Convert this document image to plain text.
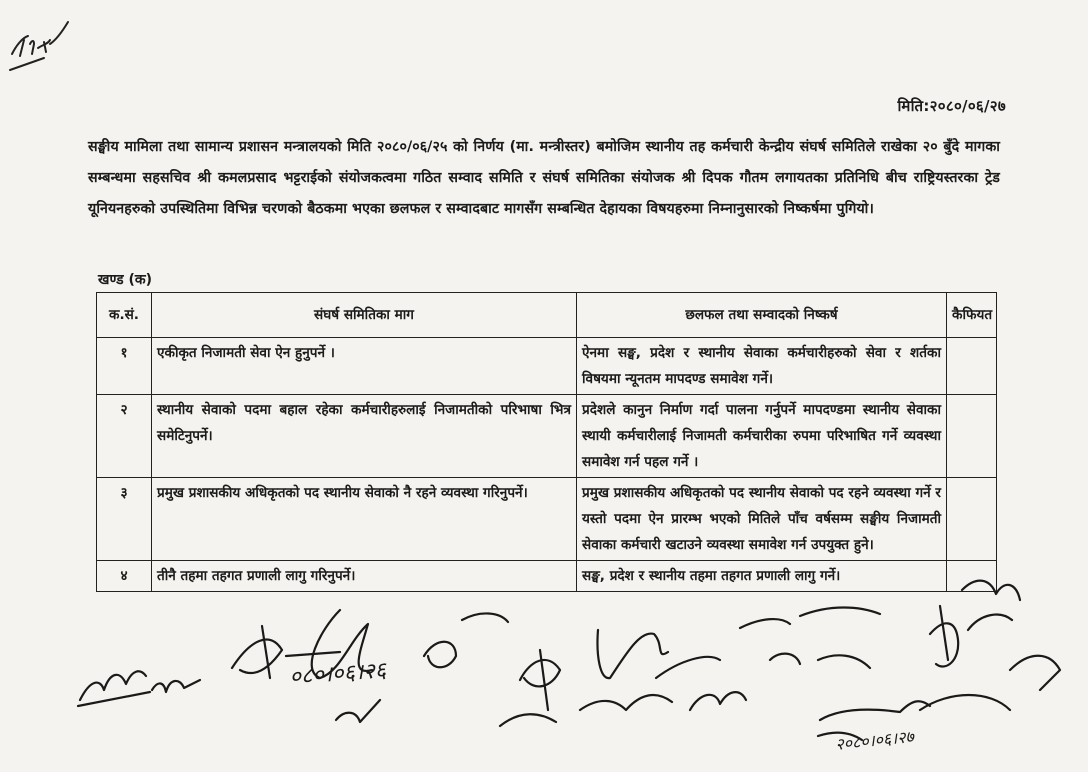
मिति:२०८०/०६/२७
सङ्घीय मामिला तथा सामान्य प्रशासन मन्त्रालयको मिति २०८०/०६/२५ को निर्णय (मा. मन्त्रीस्तर) बमोजिम स्थानीय तह कर्मचारी केन्द्रीय संघर्ष समितिले राखेका २० बुँदे मागका सम्बन्धमा सहसचिव श्री कमलप्रसाद भट्टराईको संयोजकत्वमा गठित सम्वाद समिति र संघर्ष समितिका संयोजक श्री दिपक गौतम लगायतका प्रतिनिधि बीच राष्ट्रियस्तरका ट्रेड यूनियनहरुको उपस्थितिमा विभिन्न चरणको बैठकमा भएका छलफल र सम्वादबाट मागसँग सम्बन्धित देहायका विषयहरुमा निम्नानुसारको निष्कर्षमा पुगियो।
खण्ड (क)
क.सं.	संघर्ष समितिका माग	छलफल तथा सम्वादको निष्कर्ष	कैफियत
१	एकीकृत निजामती सेवा ऐन हुनुपर्ने ।	ऐनमा सङ्घ, प्रदेश र स्थानीय सेवाका कर्मचारीहरुको सेवा र शर्तका विषयमा न्यूनतम मापदण्ड समावेश गर्ने।	
२	स्थानीय सेवाको पदमा बहाल रहेका कर्मचारीहरुलाई निजामतीको परिभाषा भित्र समेटिनुपर्ने।	प्रदेशले कानुन निर्माण गर्दा पालना गर्नुपर्ने मापदण्डमा स्थानीय सेवाका स्थायी कर्मचारीलाई निजामती कर्मचारीका रुपमा परिभाषित गर्ने व्यवस्था समावेश गर्न पहल गर्ने ।	
३	प्रमुख प्रशासकीय अधिकृतको पद स्थानीय सेवाको नै रहने व्यवस्था गरिनुपर्ने।	प्रमुख प्रशासकीय अधिकृतको पद स्थानीय सेवाको पद रहने व्यवस्था गर्ने र यस्तो पदमा ऐन प्रारम्भ भएको मितिले पाँच वर्षसम्म सङ्घीय निजामती सेवाका कर्मचारी खटाउने व्यवस्था समावेश गर्न उपयुक्त हुने।	
४	तीनै तहमा तहगत प्रणाली लागु गरिनुपर्ने।	सङ्घ, प्रदेश र स्थानीय तहमा तहगत प्रणाली लागु गर्ने।	
०८०।०६।२६
२०८०।०६।२७
